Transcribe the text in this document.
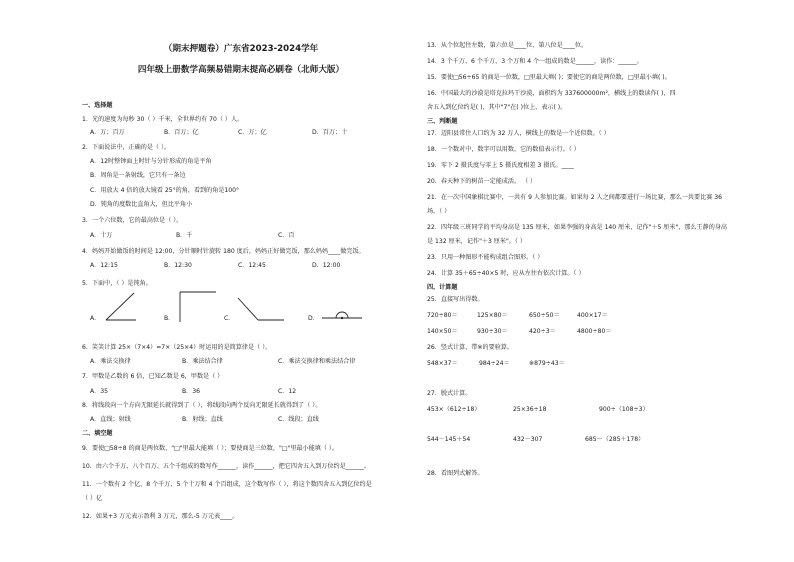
（期末押题卷）广东省2023-2024学年
四年级上册数学高频易错期末提高必刷卷（北师大版）
一、选择题
1．光的速度为每秒 30（ ）千米，全世界约有 70（ ）人。
A．万；百万	B．百万；亿	C．万；亿	D．百万；十
2．下面说法中，正确的是（ ）。
A．12时整钟面上时针与分针形成的角是平角
B．周角是一条射线，它只有一条边
C．用放大 4 倍的放大镜看 25°的角，看到的角是100°
D．钝角的度数比直角大，但比平角小
3．一个六位数，它的最高位是（ ）。
A．十万	B．千	C．百
4．妈妈开始做饭的时间是 12:00，分针顺时针旋转 180 度后，妈妈正好做完饭，那么妈妈____做完饭。
A．12:15	B．12:30	C．12:45	D．12:00
5．下面中，（ ）是钝角。
A．	B．	C．	D．
6．笑笑计算 25×（7×4）=7×（25×4）时运用的是简算律是（ ）。
A．乘法交换律	B．乘法结合律	C．乘法交换律和乘法结合律
7．甲数是乙数的 6 倍，已知乙数是 6，甲数是（ ）
A．35	B．36	C．12
8．将线段向一个方向无限延长就得到了（ ），将线段向两个反向无限延长就得到了（ ）。
A．直线；射线	B．射线；直线	C．线段；直线
二、填空题
9．要使□58÷8 的商是两位数，"□"里最大能填（ ）；要使商是三位数，"□"里最小能填（ ）。
10．由六个千万、八个百万、五个千组成的数写作______，读作______，把它四舍五入到万位约是______。
11．一个数有 2 个亿、8 个千万、5 个十万和 4 个百组成，这个数写作（ ），将这个数四舍五入到亿位约是
（ ）亿
12．如果+3 万元表示盈利 3 万元，那么-5 万元表____。
13．从个位起往左数，第六位是____位，第八位是____位。
14．3 个千万、6 个千万、3 个万和 4 个一组成的数是______，读作：______。
15．要使□56÷65 的商是一位数，□里最大填( )；要使它的商是两位数，□里最小填( )。
16．中国最大的沙漠是塔克拉玛干沙漠，面积约为 337600000m²，横线上的数读作( )，四
舍五入到亿位约是( )，其中"7"在( )位上，表示( )。
三、判断题
17．迈阳县常住人口约为 32 万人，横线上的数是一个近似数。（ ）
18．一个数对中，数字可以用数，它的数值表示行。（ ）
19．零下 2 摄氏度与零上 5 摄氏度相差 3 摄氏。____
20．春天种下的树苗一定能成活。 （ ）
21．在一次中国象棋比赛中，一共有 9 人参加比赛。如果每 2 人之间都要进行一场比赛，那么一共要比赛 36
场。（ ）
22．四年级三班同学的平均身高是 135 厘米，如果李强的身高是 140 厘米，记作"＋5 厘米"，那么王静的身高
是 132 厘米，记作"＋3 厘米"。（ ）
23．只用一种图形不能构成组合图形。（ ）
24．计算 35＋65÷40×5 时，应从左往右依次计算。（ ）
四、计算题
25．直接写出得数。
720÷80＝	125×80＝	650÷50＝	400×17＝
140×50＝	930÷30＝	420÷3＝	4800÷80＝
26．竖式计算，带※的要验算。
548×37＝	984÷24＝	※879÷43＝
27．脱式计算。
453×（612÷18）	25×36÷18	900÷（108÷3）
544－145＋54	432－307	685－（285＋178）
28．看图列式解答。
